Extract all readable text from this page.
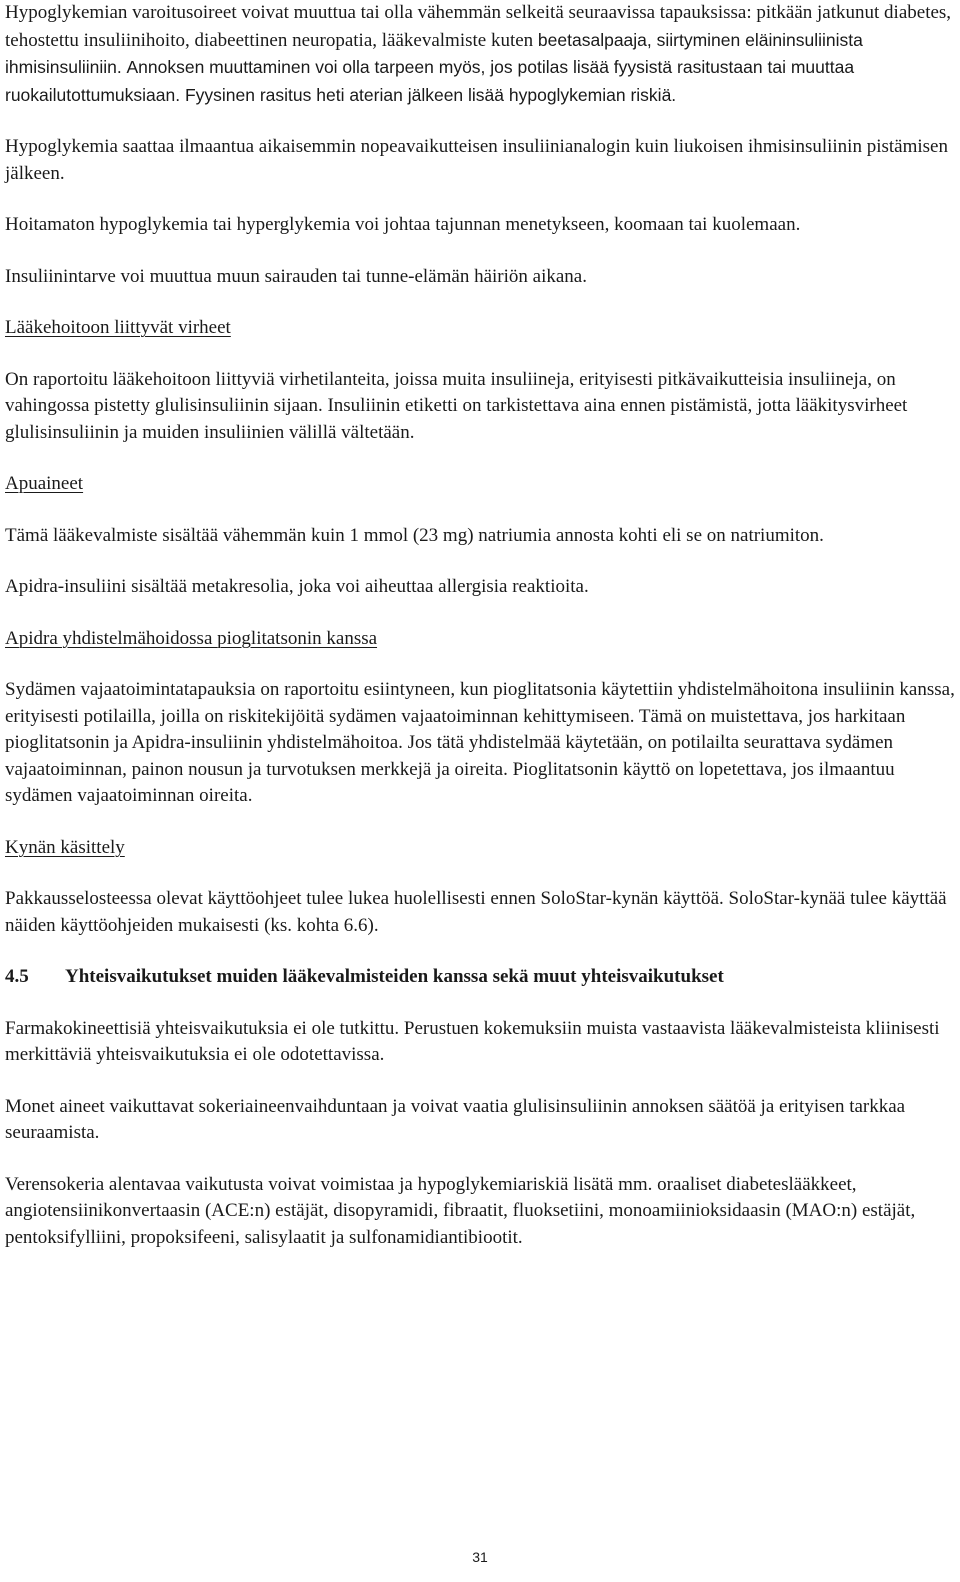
Hypoglykemian varoitusoireet voivat muuttua tai olla vähemmän selkeitä seuraavissa tapauksissa: pitkään jatkunut diabetes, tehostettu insuliinihoito, diabeettinen neuropatia, lääkevalmiste kuten beetasalpaaja, siirtyminen eläininsuliinista ihmisinsuliiniin. Annoksen muuttaminen voi olla tarpeen myös, jos potilas lisää fyysistä rasitustaan tai muuttaa ruokailutottumuksiaan. Fyysinen rasitus heti aterian jälkeen lisää hypoglykemian riskiä.

Hypoglykemia saattaa ilmaantua aikaisemmin nopeavaikutteisen insuliinianalogin kuin liukoisen ihmisinsuliinin pistämisen jälkeen.

Hoitamaton hypoglykemia tai hyperglykemia voi johtaa tajunnan menetykseen, koomaan tai kuolemaan.

Insuliinintarve voi muuttua muun sairauden tai tunne-elämän häiriön aikana.

Lääkehoitoon liittyvät virheet

On raportoitu lääkehoitoon liittyviä virhetilanteita, joissa muita insuliineja, erityisesti pitkävaikutteisia insuliineja, on vahingossa pistetty glulisinsuliinin sijaan. Insuliinin etiketti on tarkistettava aina ennen pistämistä, jotta lääkitysvirheet glulisinsuliinin ja muiden insuliinien välillä vältetään.

Apuaineet

Tämä lääkevalmiste sisältää vähemmän kuin 1 mmol (23 mg) natriumia annosta kohti eli se on natriumiton.

Apidra-insuliini sisältää metakresolia, joka voi aiheuttaa allergisia reaktioita.

Apidra yhdistelmähoidossa pioglitatsonin kanssa

Sydämen vajaatoimintatapauksia on raportoitu esiintyneen, kun pioglitatsonia käytettiin yhdistelmähoitona insuliinin kanssa, erityisesti potilailla, joilla on riskitekijöitä sydämen vajaatoiminnan kehittymiseen. Tämä on muistettava, jos harkitaan pioglitatsonin ja Apidra-insuliinin yhdistelmähoitoa. Jos tätä yhdistelmää käytetään, on potilailta seurattava sydämen vajaatoiminnan, painon nousun ja turvotuksen merkkejä ja oireita. Pioglitatsonin käyttö on lopetettava, jos ilmaantuu sydämen vajaatoiminnan oireita.

Kynän käsittely

Pakkausselosteessa olevat käyttöohjeet tulee lukea huolellisesti ennen SoloStar-kynän käyttöä. SoloStar-kynää tulee käyttää näiden käyttöohjeiden mukaisesti (ks. kohta 6.6).

4.5	Yhteisvaikutukset muiden lääkevalmisteiden kanssa sekä muut yhteisvaikutukset

Farmakokineettisiä yhteisvaikutuksia ei ole tutkittu. Perustuen kokemuksiin muista vastaavista lääkevalmisteista kliinisesti merkittäviä yhteisvaikutuksia ei ole odotettavissa.

Monet aineet vaikuttavat sokeriaineenvaihduntaan ja voivat vaatia glulisinsuliinin annoksen säätöä ja erityisen tarkkaa seuraamista.

Verensokeria alentavaa vaikutusta voivat voimistaa ja hypoglykemiariskiä lisätä mm. oraaliset diabeteslääkkeet, angiotensiinikonvertaasin (ACE:n) estäjät, disopyramidi, fibraatit, fluoksetiini, monoamiinioksidaasin (MAO:n) estäjät, pentoksifylliini, propoksifeeni, salisylaatit ja sulfonamidiantibiootit.

31
